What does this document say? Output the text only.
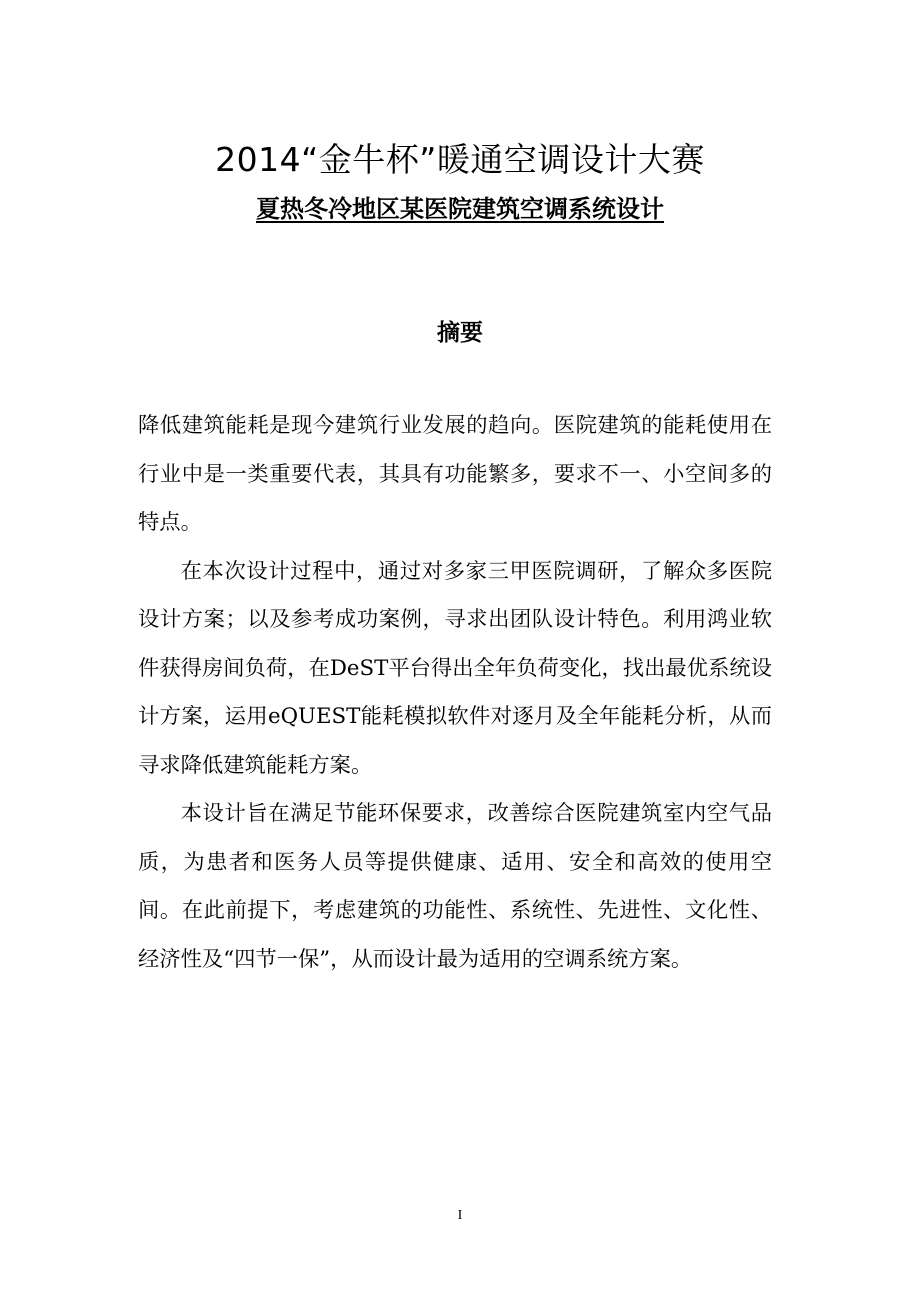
2014“金牛杯”暖通空调设计大赛
夏热冬冷地区某医院建筑空调系统设计
摘要

降低建筑能耗是现今建筑行业发展的趋向。医院建筑的能耗使用在行业中是一类重要代表，其具有功能繁多，要求不一、小空间多的特点。

在本次设计过程中，通过对多家三甲医院调研，了解众多医院设计方案；以及参考成功案例，寻求出团队设计特色。利用鸿业软件获得房间负荷，在DeST平台得出全年负荷变化，找出最优系统设计方案，运用eQUEST能耗模拟软件对逐月及全年能耗分析，从而寻求降低建筑能耗方案。

本设计旨在满足节能环保要求，改善综合医院建筑室内空气品质，为患者和医务人员等提供健康、适用、安全和高效的使用空间。在此前提下，考虑建筑的功能性、系统性、先进性、文化性、经济性及“四节一保”，从而设计最为适用的空调系统方案。

I
